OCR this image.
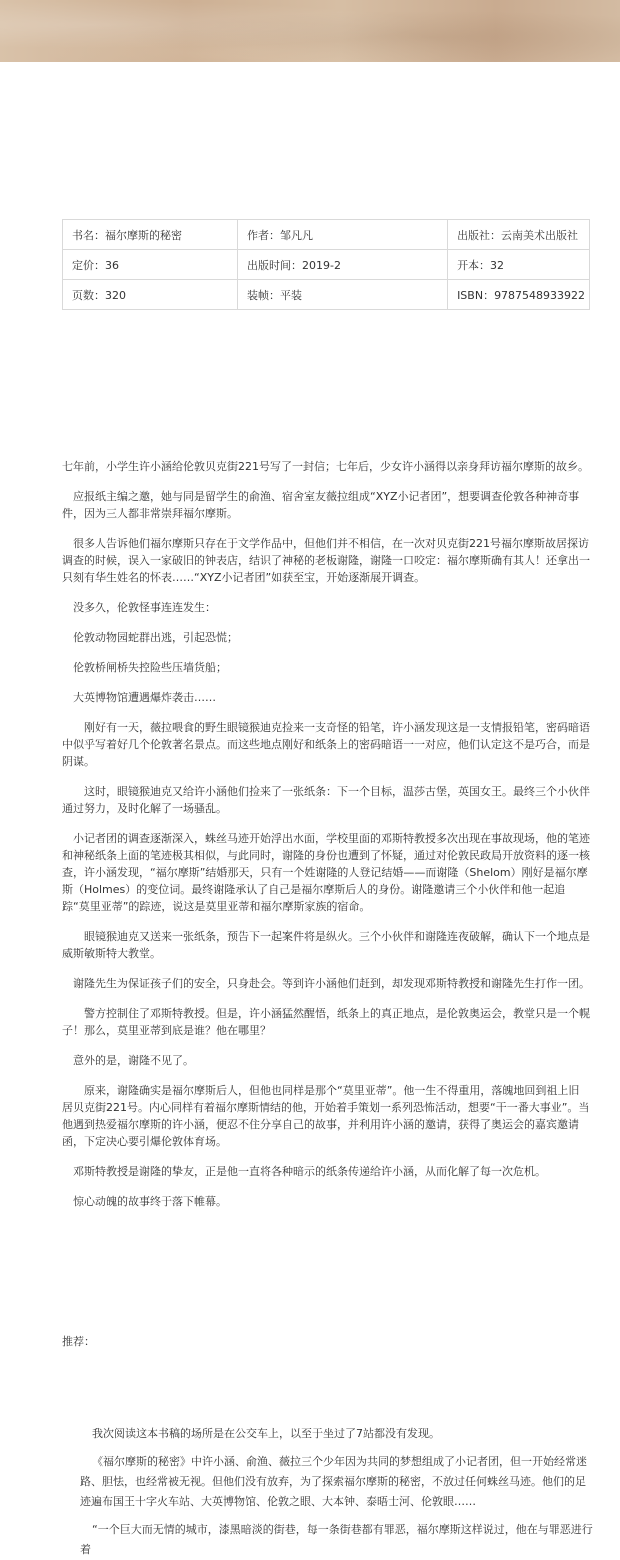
书名：福尔摩斯的秘密	作者：邹凡凡	出版社：云南美术出版社
定价：36	出版时间：2019-2	开本：32
页数：320	装帧：平装	ISBN：9787548933922

七年前，小学生许小涵给伦敦贝克街221号写了一封信；七年后，少女许小涵得以亲身拜访福尔摩斯的故乡。

　应报纸主编之邀，她与同是留学生的俞渔、宿舍室友薇拉组成“XYZ小记者团”，想要调查伦敦各种神奇事件，因为三人都非常崇拜福尔摩斯。

　很多人告诉他们福尔摩斯只存在于文学作品中，但他们并不相信，在一次对贝克街221号福尔摩斯故居探访调查的时候，误入一家破旧的钟表店，结识了神秘的老板谢隆，谢隆一口咬定：福尔摩斯确有其人！还拿出一只刻有华生姓名的怀表……“XYZ小记者团”如获至宝，开始逐渐展开调查。

　没多久，伦敦怪事连连发生：

　伦敦动物园蛇群出逃，引起恐慌；

　伦敦桥闸桥失控险些压墙货船；

　大英博物馆遭遇爆炸袭击……

　　刚好有一天，薇拉喂食的野生眼镜猴迪克捡来一支奇怪的铅笔，许小涵发现这是一支情报铅笔，密码暗语中似乎写着好几个伦敦著名景点。而这些地点刚好和纸条上的密码暗语一一对应，他们认定这不是巧合，而是阴谋。

　　这时，眼镜猴迪克又给许小涵他们捡来了一张纸条：下一个目标，温莎古堡，英国女王。最终三个小伙伴通过努力，及时化解了一场骚乱。

　小记者团的调查逐渐深入，蛛丝马迹开始浮出水面，学校里面的邓斯特教授多次出现在事故现场，他的笔迹和神秘纸条上面的笔迹极其相似，与此同时，谢隆的身份也遭到了怀疑，通过对伦敦民政局开放资料的逐一核查，许小涵发现，“福尔摩斯”结婚那天，只有一个姓谢隆的人登记结婚——而谢隆（Shelom）刚好是福尔摩斯（Holmes）的变位词。最终谢隆承认了自己是福尔摩斯后人的身份。谢隆邀请三个小伙伴和他一起追踪“莫里亚蒂”的踪迹，说这是莫里亚蒂和福尔摩斯家族的宿命。

　　眼镜猴迪克又送来一张纸条，预告下一起案件将是纵火。三个小伙伴和谢隆连夜破解，确认下一个地点是威斯敏斯特大教堂。

　谢隆先生为保证孩子们的安全，只身赴会。等到许小涵他们赶到，却发现邓斯特教授和谢隆先生打作一团。

　　警方控制住了邓斯特教授。但是，许小涵猛然醒悟，纸条上的真正地点，是伦敦奥运会，教堂只是一个幌子！那么，莫里亚蒂到底是谁？他在哪里？

　意外的是，谢隆不见了。

　　原来，谢隆确实是福尔摩斯后人，但他也同样是那个“莫里亚蒂”。他一生不得重用，落魄地回到祖上旧居贝克街221号。内心同样有着福尔摩斯情结的他，开始着手策划一系列恐怖活动，想要“干一番大事业”。当他遇到热爱福尔摩斯的许小涵，便忍不住分享自己的故事，并利用许小涵的邀请，获得了奥运会的嘉宾邀请函，下定决心要引爆伦敦体育场。

　邓斯特教授是谢隆的挚友，正是他一直将各种暗示的纸条传递给许小涵，从而化解了每一次危机。

　惊心动魄的故事终于落下帷幕。

推荐：

我次阅读这本书稿的场所是在公交车上，以至于坐过了7站都没有发现。

《福尔摩斯的秘密》中许小涵、俞渔、薇拉三个少年因为共同的梦想组成了小记者团，但一开始经常迷路、胆怯，也经常被无视。但他们没有放弃，为了探索福尔摩斯的秘密，不放过任何蛛丝马迹。他们的足迹遍布国王十字火车站、大英博物馆、伦敦之眼、大本钟、泰晤士河、伦敦眼……

“一个巨大而无情的城市，漆黑暗淡的街巷，每一条街巷都有罪恶，福尔摩斯这样说过，他在与罪恶进行着
